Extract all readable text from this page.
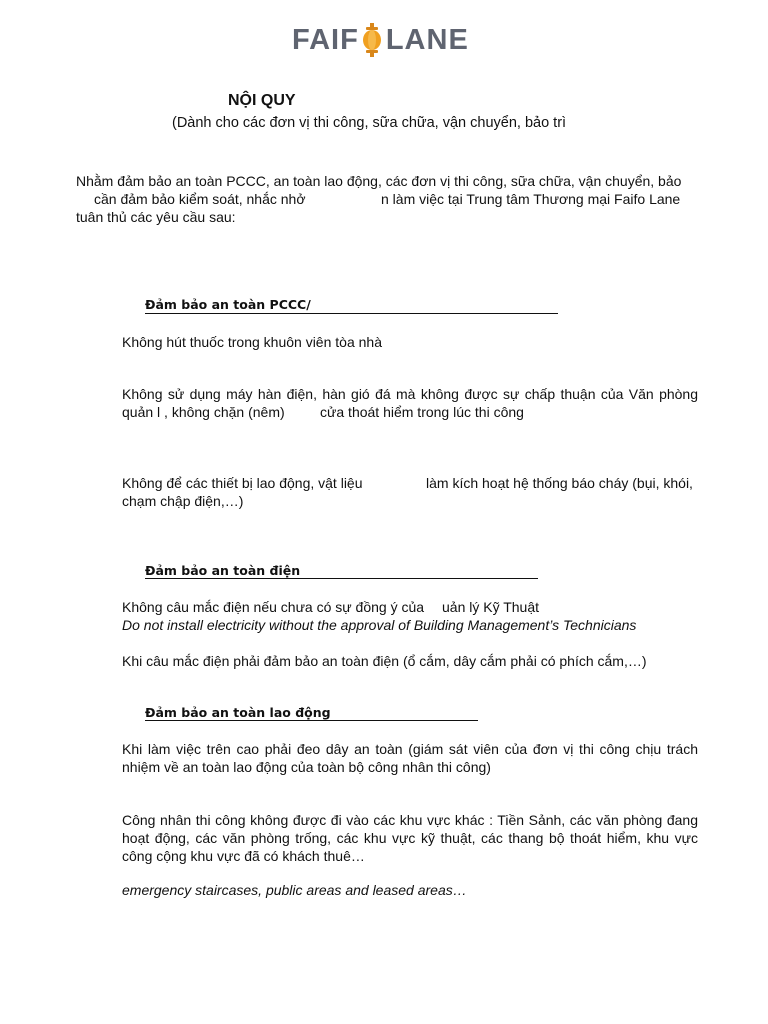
FAIF LANE
NỘI QUY
(Dành cho các đơn vị thi công, sữa chữa, vận chuyển, bảo trì
Nhằm đảm bảo an toàn PCCC, an toàn lao động, các đơn vị thi công, sữa chữa, vận chuyển, bảo
cần đảm bảo kiểm soát, nhắc nhở	n làm việc tại Trung tâm Thương mại Faifo Lane
tuân thủ các yêu cầu sau:
Đảm bảo an toàn PCCC/
Không hút thuốc trong khuôn viên tòa nhà
Không sử dụng máy hàn điện, hàn gió đá mà không được sự chấp thuận của Văn phòng
quản l , không chặn (nêm)	cửa thoát hiểm trong lúc thi công
Không để các thiết bị lao động, vật liệu	làm kích hoạt hệ thống báo cháy (bụi, khói,
chạm chập điện,…)
Đảm bảo an toàn điện
Không câu mắc điện nếu chưa có sự đồng ý của uản lý Kỹ Thuật
Do not install electricity without the approval of Building Management’s Technicians
Khi câu mắc điện phải đảm bảo an toàn điện (ổ cắm, dây cắm phải có phích cắm,…)
Đảm bảo an toàn lao động
Khi làm việc trên cao phải đeo dây an toàn (giám sát viên của đơn vị thi công chịu trách
nhiệm về an toàn lao động của toàn bộ công nhân thi công)
Công nhân thi công không được đi vào các khu vực khác : Tiền Sảnh, các văn phòng đang
hoạt động, các văn phòng trống, các khu vực kỹ thuật, các thang bộ thoát hiểm, khu vực
công cộng khu vực đã có khách thuê…
emergency staircases, public areas and leased areas…
